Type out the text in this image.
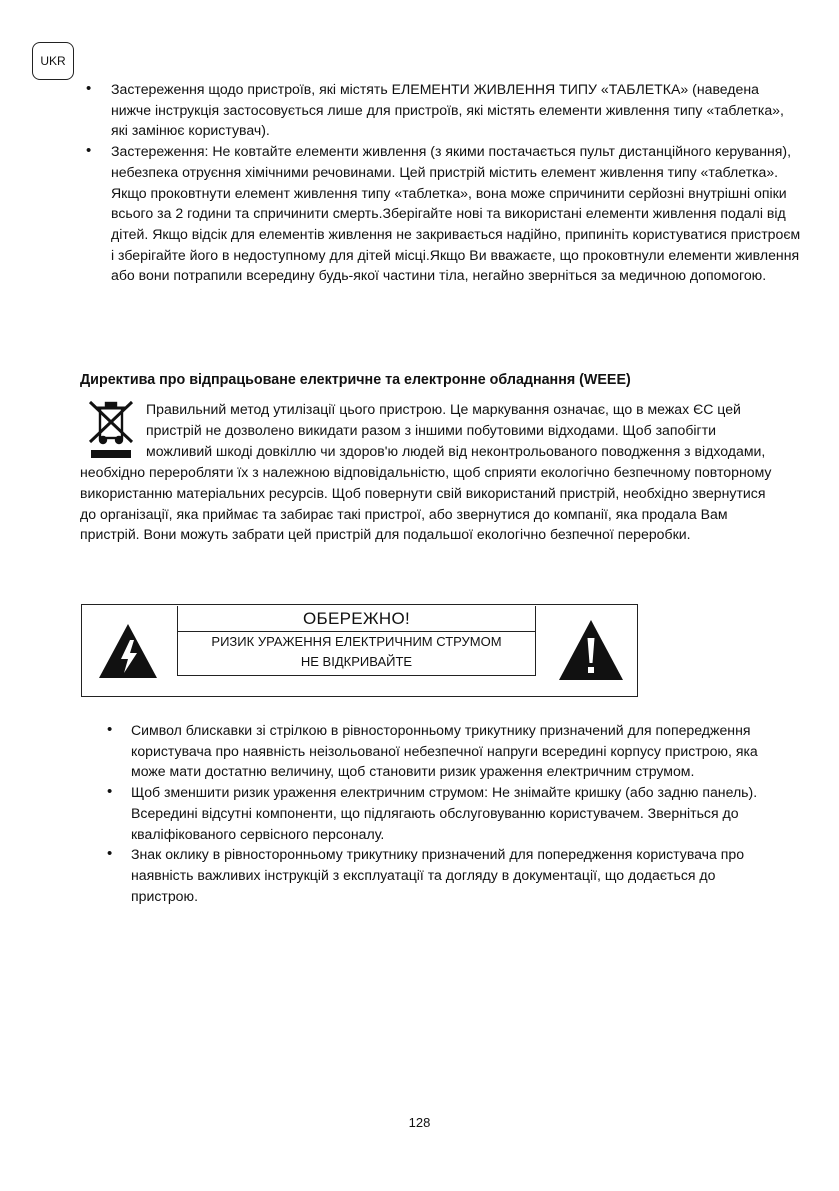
UKR
• Застереження щодо пристроїв, які містять ЕЛЕМЕНТИ ЖИВЛЕННЯ ТИПУ «ТАБЛЕТКА» (наведена нижче інструкція застосовується лише для пристроїв, які містять елементи живлення типу «таблетка», які замінює користувач).
• Застереження: Не ковтайте елементи живлення (з якими постачається пульт дистанційного керування), небезпека отруєння хімічними речовинами. Цей пристрій містить елемент живлення типу «таблетка». Якщо проковтнути елемент живлення типу «таблетка», вона може спричинити серйозні внутрішні опіки всього за 2 години та спричинити смерть.Зберігайте нові та використані елементи живлення подалі від дітей. Якщо відсік для елементів живлення не закривається надійно, припиніть користуватися пристроєм і зберігайте його в недоступному для дітей місці.Якщо Ви вважаєте, що проковтнули елементи живлення або вони потрапили всередину будь-якої частини тіла, негайно зверніться за медичною допомогою.
Директива про відпрацьоване електричне та електронне обладнання (WEEE)

Правильний метод утилізації цього пристрою. Це маркування означає, що в межах ЄС цей пристрій не дозволено викидати разом з іншими побутовими відходами. Щоб запобігти можливий шкоді довкіллю чи здоров'ю людей від неконтрольованого поводження з відходами, необхідно переробляти їх з належною відповідальністю, щоб сприяти екологічно безпечному повторному використанню матеріальних ресурсів. Щоб повернути свій використаний пристрій, необхідно звернутися до організації, яка приймає та забирає такі пристрої, або звернутися до компанії, яка продала Вам пристрій. Вони можуть забрати цей пристрій для подальшої екологічно безпечної переробки.

ОБЕРЕЖНО!
РИЗИК УРАЖЕННЯ ЕЛЕКТРИЧНИМ СТРУМОМ
НЕ ВІДКРИВАЙТЕ
• Символ блискавки зі стрілкою в рівносторонньому трикутнику призначений для попередження користувача про наявність неізольованої небезпечної напруги всередині корпусу пристрою, яка може мати достатню величину, щоб становити ризик ураження електричним струмом.
• Щоб зменшити ризик ураження електричним струмом: Не знімайте кришку (або задню панель). Всередині відсутні компоненти, що підлягають обслуговуванню користувачем. Зверніться до кваліфікованого сервісного персоналу.
• Знак оклику в рівносторонньому трикутнику призначений для попередження користувача про наявність важливих інструкцій з експлуатації та догляду в документації, що додається до пристрою.
128
